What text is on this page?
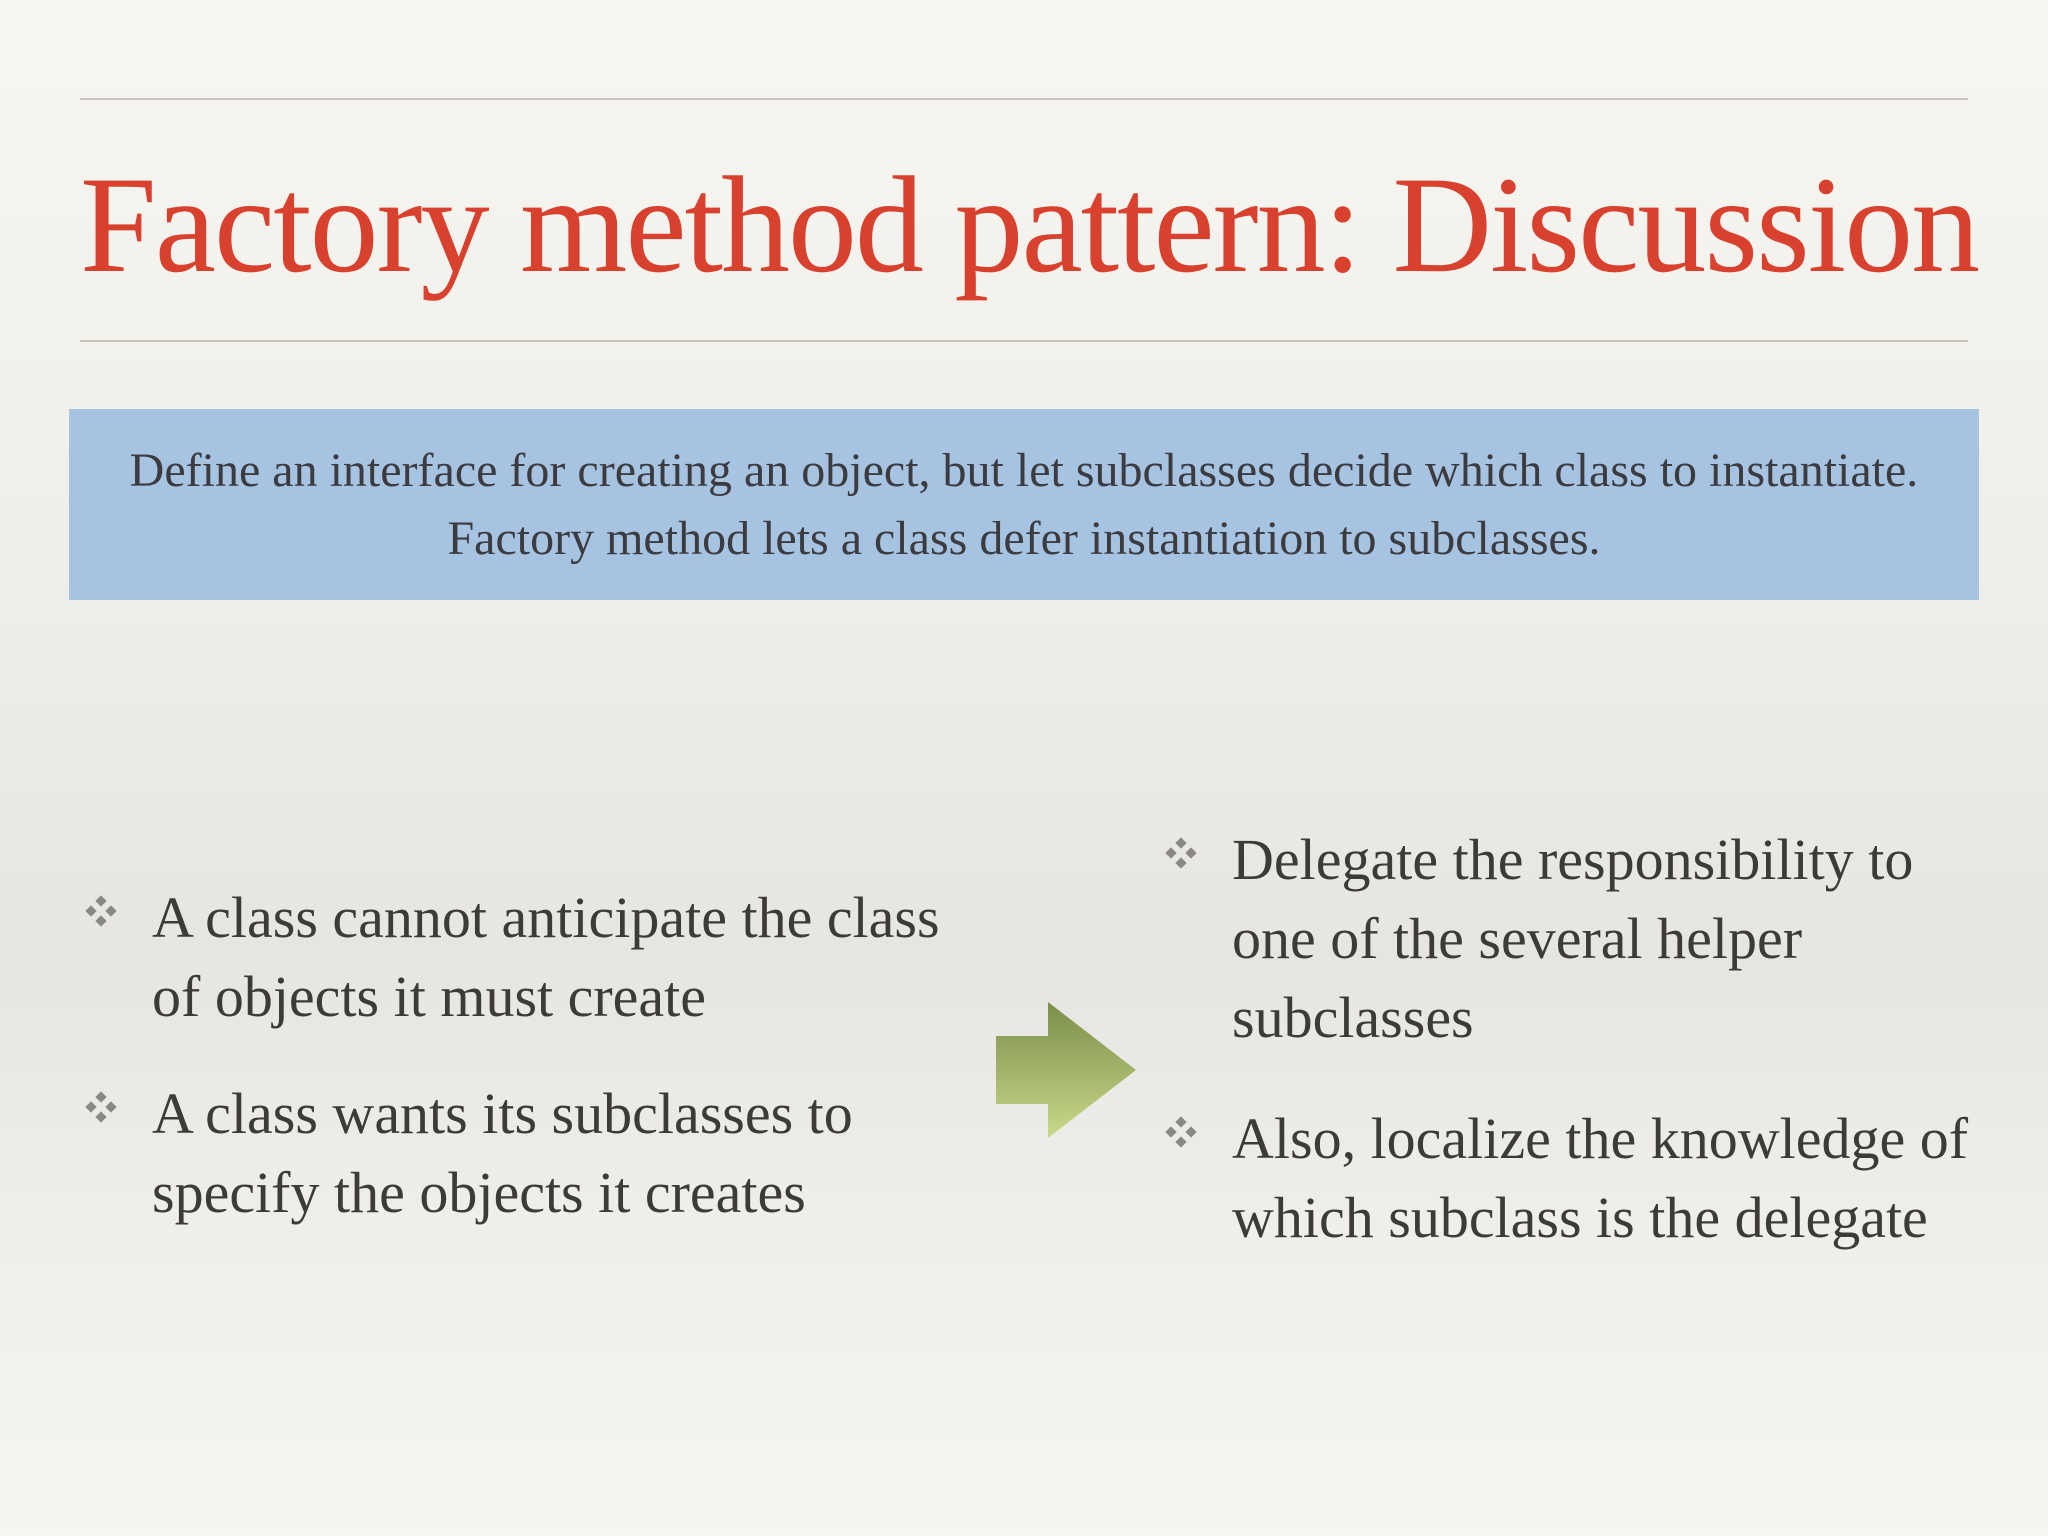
Factory method pattern: Discussion

Define an interface for creating an object, but let subclasses decide which class to instantiate. Factory method lets a class defer instantiation to subclasses.

A class cannot anticipate the class of objects it must create
A class wants its subclasses to specify the objects it creates
Delegate the responsibility to one of the several helper subclasses
Also, localize the knowledge of which subclass is the delegate
